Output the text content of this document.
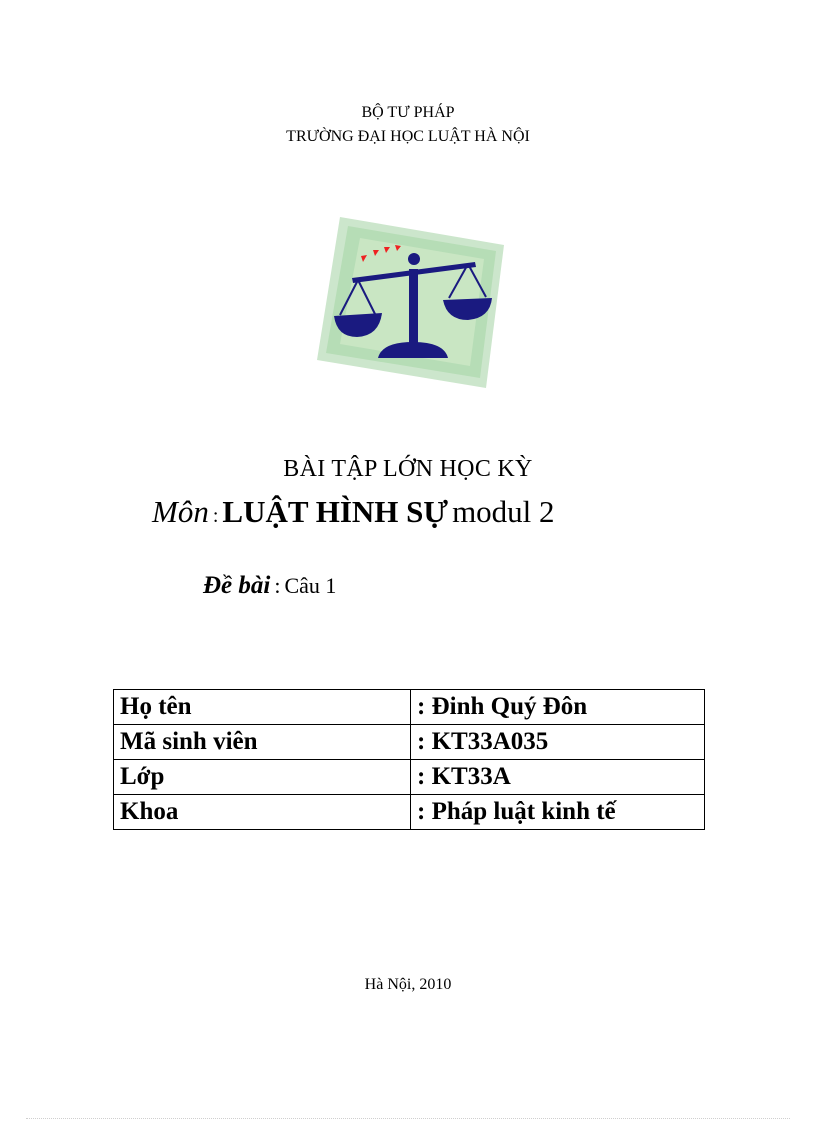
BỘ TƯ PHÁP
TRƯỜNG ĐẠI HỌC LUẬT HÀ NỘI
BÀI TẬP LỚN HỌC KỲ
Môn : LUẬT HÌNH SỰ modul 2
Đề bài : Câu 1
Họ tên	: Đinh Quý Đôn
Mã sinh viên	: KT33A035
Lớp	: KT33A
Khoa	: Pháp luật kinh tế
Hà Nội, 2010
